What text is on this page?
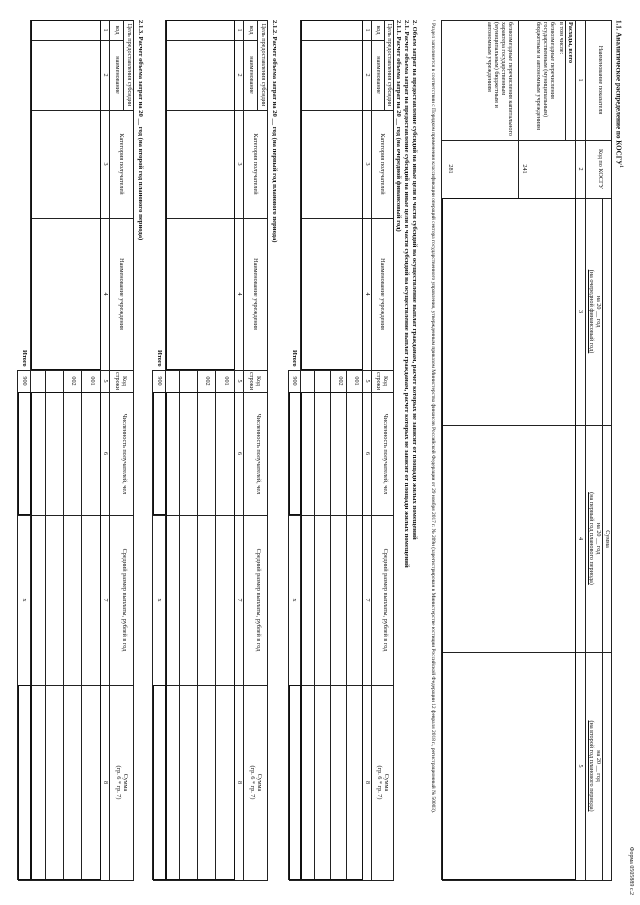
Форма 0505889 с.2
1.1. Аналитическое распределение по КОСГУ$^1$
Наименование показателя
Код по КОСГУ
Сумма
на 20 __ год
(на очередной финансовый год)
на 20 __ год
(на первый год планового периода)
на 20 __ год
(на второй год планового периода)
1
2
3
4
5
Расходы, всего
в том числе:
безвозмездные перечисления государственным (муниципальным) бюджетным и автономным учреждениям
241
безвозмездные перечисления капитального характера государственным (муниципальным) бюджетным и автономным учреждениям
281
¹ Раздел заполняется в соответствии с Порядком применения классификации операций сектора государственного управления, утвержденным приказом Министерства финансов Российской Федерации от 29 ноября 2017 г. № 209н (зарегистрирован в Министерстве юстиции Российской Федерации 12 февраля 2018 г., регистрационный № 50003).
2. Объем затрат на предоставление субсидий на иные цели в части субсидий на осуществление выплат гражданам, расчет которых не зависит от площади жилых помещений
2.1. Расчет объема затрат на предоставление субсидий на иные цели в части субсидий на осуществление выплат гражданам, расчет которых не зависит от площади жилых помещений
2.1.1. Расчет объема затрат на 20 __ год (на очередной финансовый год)
Цель предоставления субсидии
код
наименование
Категория получателей
Наименование учреждения
Код строки
Численность получателей, чел
Средний размер выплаты, рублей в год
Сумма
(гр. 6 * гр. 7)
1
2
3
4
5
6
7
8
001
002
Итого
900
х
2.1.2. Расчет объема затрат на 20 __ год (на первый год планового периода)
Цель предоставления субсидии
код
наименование
Категория получателей
Наименование учреждения
Код строки
Численность получателей, чел
Средний размер выплаты, рублей в год
Сумма
(гр. 6 * гр. 7)
1
2
3
4
5
6
7
8
001
002
Итого
900
х
2.1.3. Расчет объема затрат на 20 __ год (на второй год планового периода)
Цель предоставления субсидии
код
наименование
Категория получателей
Наименование учреждения
Код строки
Численность получателей, чел
Средний размер выплаты, рублей в год
Сумма
(гр. 6 * гр. 7)
1
2
3
4
5
6
7
8
001
002
Итого
900
х
